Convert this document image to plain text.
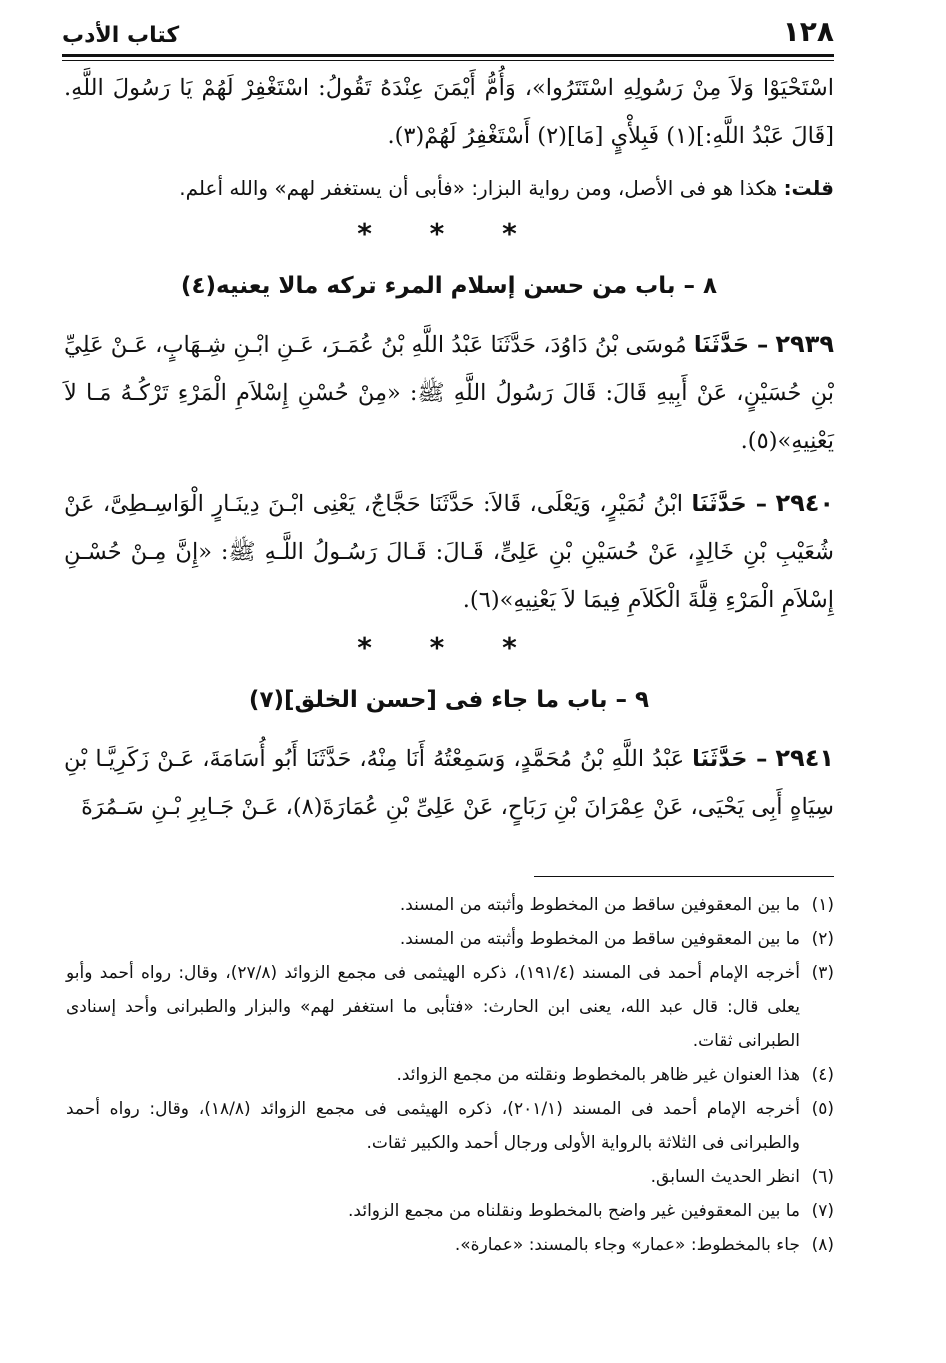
كتاب الأدب	١٢٨

اسْتَحْيَوْا وَلاَ مِنْ رَسُولِهِ اسْتَتَرُوا»، وَأُمُّ أَيْمَنَ عِنْدَهُ تَقُولُ: اسْتَغْفِرْ لَهُمْ يَا رَسُولَ اللَّهِ. [قَالَ عَبْدُ اللَّهِ:](١) فَبِلأْيٍ [مَا](٢) أَسْتَغْفِرُ لَهُمْ(٣).

قلت: هكذا هو فى الأصل، ومن رواية البزار: «فأبى أن يستغفر لهم» والله أعلم.

* * *
٨ – باب من حسن إسلام المرء تركه مالا يعنيه(٤)

٢٩٣٩ – حَدَّثَنَا مُوسَى بْنُ دَاوُدَ، حَدَّثَنَا عَبْدُ اللَّهِ بْنُ عُمَـرَ، عَـنِ ابْـنِ شِـهَابٍ، عَـنْ عَلِيِّ بْنِ حُسَيْنٍ، عَنْ أَبِيهِ قَالَ: قَالَ رَسُولُ اللَّهِ ﷺ: «مِنْ حُسْنِ إِسْلاَمِ الْمَرْءِ تَرْكُـهُ مَـا لاَ يَعْنِيهِ»(٥).

٢٩٤٠ – حَدَّثَنَا ابْنُ نُمَيْرٍ، وَيَعْلَى، قَالاَ: حَدَّثَنَا حَجَّاجٌ، يَعْنِى ابْـنَ دِينَـارٍ الْوَاسِـطِىَّ، عَنْ شُعَيْبِ بْنِ خَالِدٍ، عَنْ حُسَيْنِ بْنِ عَلِىٍّ، قَـالَ: قَـالَ رَسُـولُ اللَّـهِ ﷺ: «إِنَّ مِـنْ حُسْـنِ إِسْلاَمِ الْمَرْءِ قِلَّةَ الْكَلاَمِ فِيمَا لاَ يَعْنِيهِ»(٦).

* * *
٩ – باب ما جاء فى [حسن الخلق](٧)

٢٩٤١ – حَدَّثَنَا عَبْدُ اللَّهِ بْنُ مُحَمَّدٍ، وَسَمِعْتُهُ أَنَا مِنْهُ، حَدَّثَنَا أَبُو أُسَامَةَ، عَـنْ زَكَرِيَّـا بْنِ سِيَاهٍ أَبِى يَحْيَى، عَنْ عِمْرَانَ بْنِ رَبَاحٍ، عَنْ عَلِىِّ بْنِ عُمَارَةَ(٨)، عَـنْ جَـابِرِ بْـنِ سَـمُرَةَ

(١)
ما بين المعقوفين ساقط من المخطوط وأثبته من المسند.

(٢)
ما بين المعقوفين ساقط من المخطوط وأثبته من المسند.

(٣)
أخرجه الإمام أحمد فى المسند (١٩١/٤)، ذكره الهيثمى فى مجمع الزوائد (٢٧/٨)، وقال: رواه أحمد وأبو يعلى قال: قال عبد الله، يعنى ابن الحارث: «فتأبى ما استغفر لهم» والبزار والطبرانى وأحد إسنادى الطبرانى ثقات.

(٤)
هذا العنوان غير ظاهر بالمخطوط ونقلته من مجمع الزوائد.

(٥)
أخرجه الإمام أحمد فى المسند (٢٠١/١)، ذكره الهيثمى فى مجمع الزوائد (١٨/٨)، وقال: رواه أحمد والطبرانى فى الثلاثة بالرواية الأولى ورجال أحمد والكبير ثقات.

(٦)
انظر الحديث السابق.

(٧)
ما بين المعقوفين غير واضح بالمخطوط ونقلناه من مجمع الزوائد.

(٨)
جاء بالمخطوط: «عمار» وجاء بالمسند: «عمارة».
